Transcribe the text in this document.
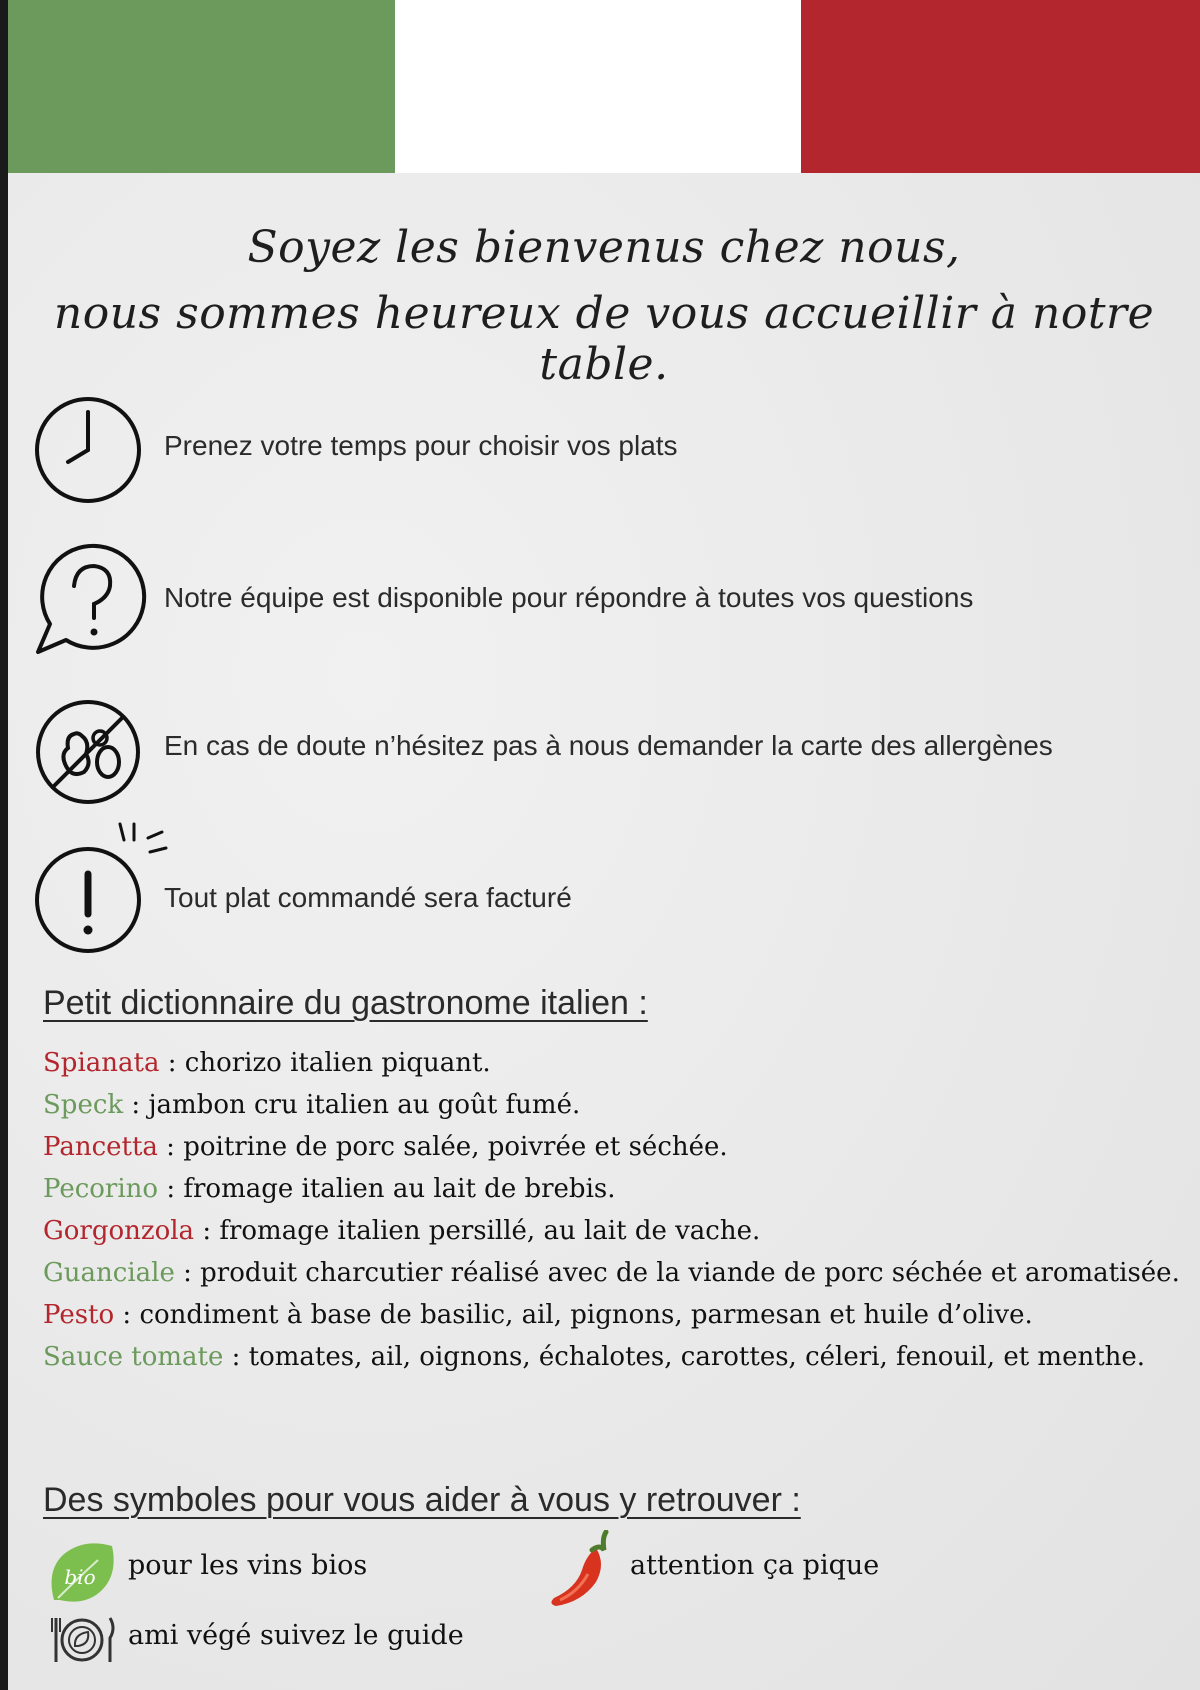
Soyez les bienvenus chez nous,
nous sommes heureux de vous accueillir à notre table.
Prenez votre temps pour choisir vos plats
Notre équipe est disponible pour répondre à toutes vos questions
En cas de doute n’hésitez pas à nous demander la carte des allergènes
Tout plat commandé sera facturé
Petit dictionnaire du gastronome italien :

Spianata : chorizo italien piquant.

Speck : jambon cru italien au goût fumé.

Pancetta : poitrine de porc salée, poivrée et séchée.

Pecorino : fromage italien au lait de brebis.

Gorgonzola : fromage italien persillé, au lait de vache.

Guanciale : produit charcutier réalisé avec de la viande de porc séchée et aromatisée.

Pesto : condiment à base de basilic, ail, pignons, parmesan et huile d’olive.

Sauce tomate : tomates, ail, oignons, échalotes, carottes, céleri, fenouil, et menthe.

Des symboles pour vous aider à vous y retrouver :
bio pour les vins bios	attention ça pique
ami végé suivez le guide
